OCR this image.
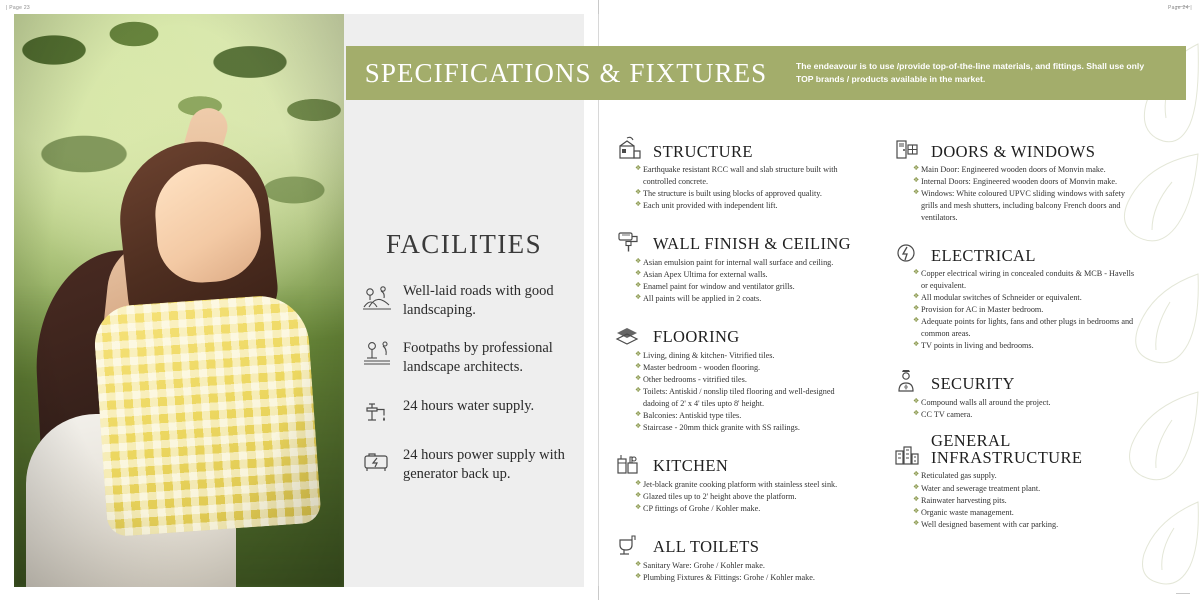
| Page 23
FACILITIES
Well-laid roads with good landscaping.
Footpaths by professional landscape architects.
24 hours water supply.
24 hours power supply with generator back up.
Page 24 |
SPECIFICATIONS & FIXTURES	The endeavour is to use /provide top-of-the-line materials, and fittings. Shall use only TOP brands / products available in the market.
STRUCTURE
❖ Earthquake resistant RCC wall and slab structure built with controlled concrete.
❖ The structure is built using blocks of approved quality.
❖ Each unit provided with independent lift.
WALL FINISH & CEILING
❖ Asian emulsion paint for internal wall surface and ceiling.
❖ Asian Apex Ultima for external walls.
❖ Enamel paint for window and ventilator grills.
❖ All paints will be applied in 2 coats.
FLOORING
❖ Living, dining & kitchen- Vitrified tiles.
❖ Master bedroom - wooden flooring.
❖ Other bedrooms - vitrified tiles.
❖ Toilets: Antiskid / nonslip tiled flooring and well-designed dadoing of 2' x 4' tiles upto 8' height.
❖ Balconies: Antiskid type tiles.
❖ Staircase - 20mm thick granite with SS railings.
KITCHEN
❖ Jet-black granite cooking platform with stainless steel sink.
❖ Glazed tiles up to 2' height above the platform.
❖ CP fittings of Grohe / Kohler make.
ALL TOILETS
❖ Sanitary Ware: Grohe / Kohler make.
❖ Plumbing Fixtures & Fittings: Grohe / Kohler make.
DOORS & WINDOWS
❖ Main Door: Engineered wooden doors of Monvin make.
❖ Internal Doors: Engineered wooden doors of Monvin make.
❖ Windows: White coloured UPVC sliding windows with safety grills and mesh shutters, including balcony French doors and ventilators.
ELECTRICAL
❖ Copper electrical wiring in concealed conduits & MCB - Havells or equivalent.
❖ All modular switches of Schneider or equivalent.
❖ Provision for AC in Master bedroom.
❖ Adequate points for lights, fans and other plugs in bedrooms and common areas.
❖ TV points in living and bedrooms.
SECURITY
❖ Compound walls all around the project.
❖ CC TV camera.
GENERAL INFRASTRUCTURE
❖ Reticulated gas supply.
❖ Water and sewerage treatment plant.
❖ Rainwater harvesting pits.
❖ Organic waste management.
❖ Well designed basement with car parking.
